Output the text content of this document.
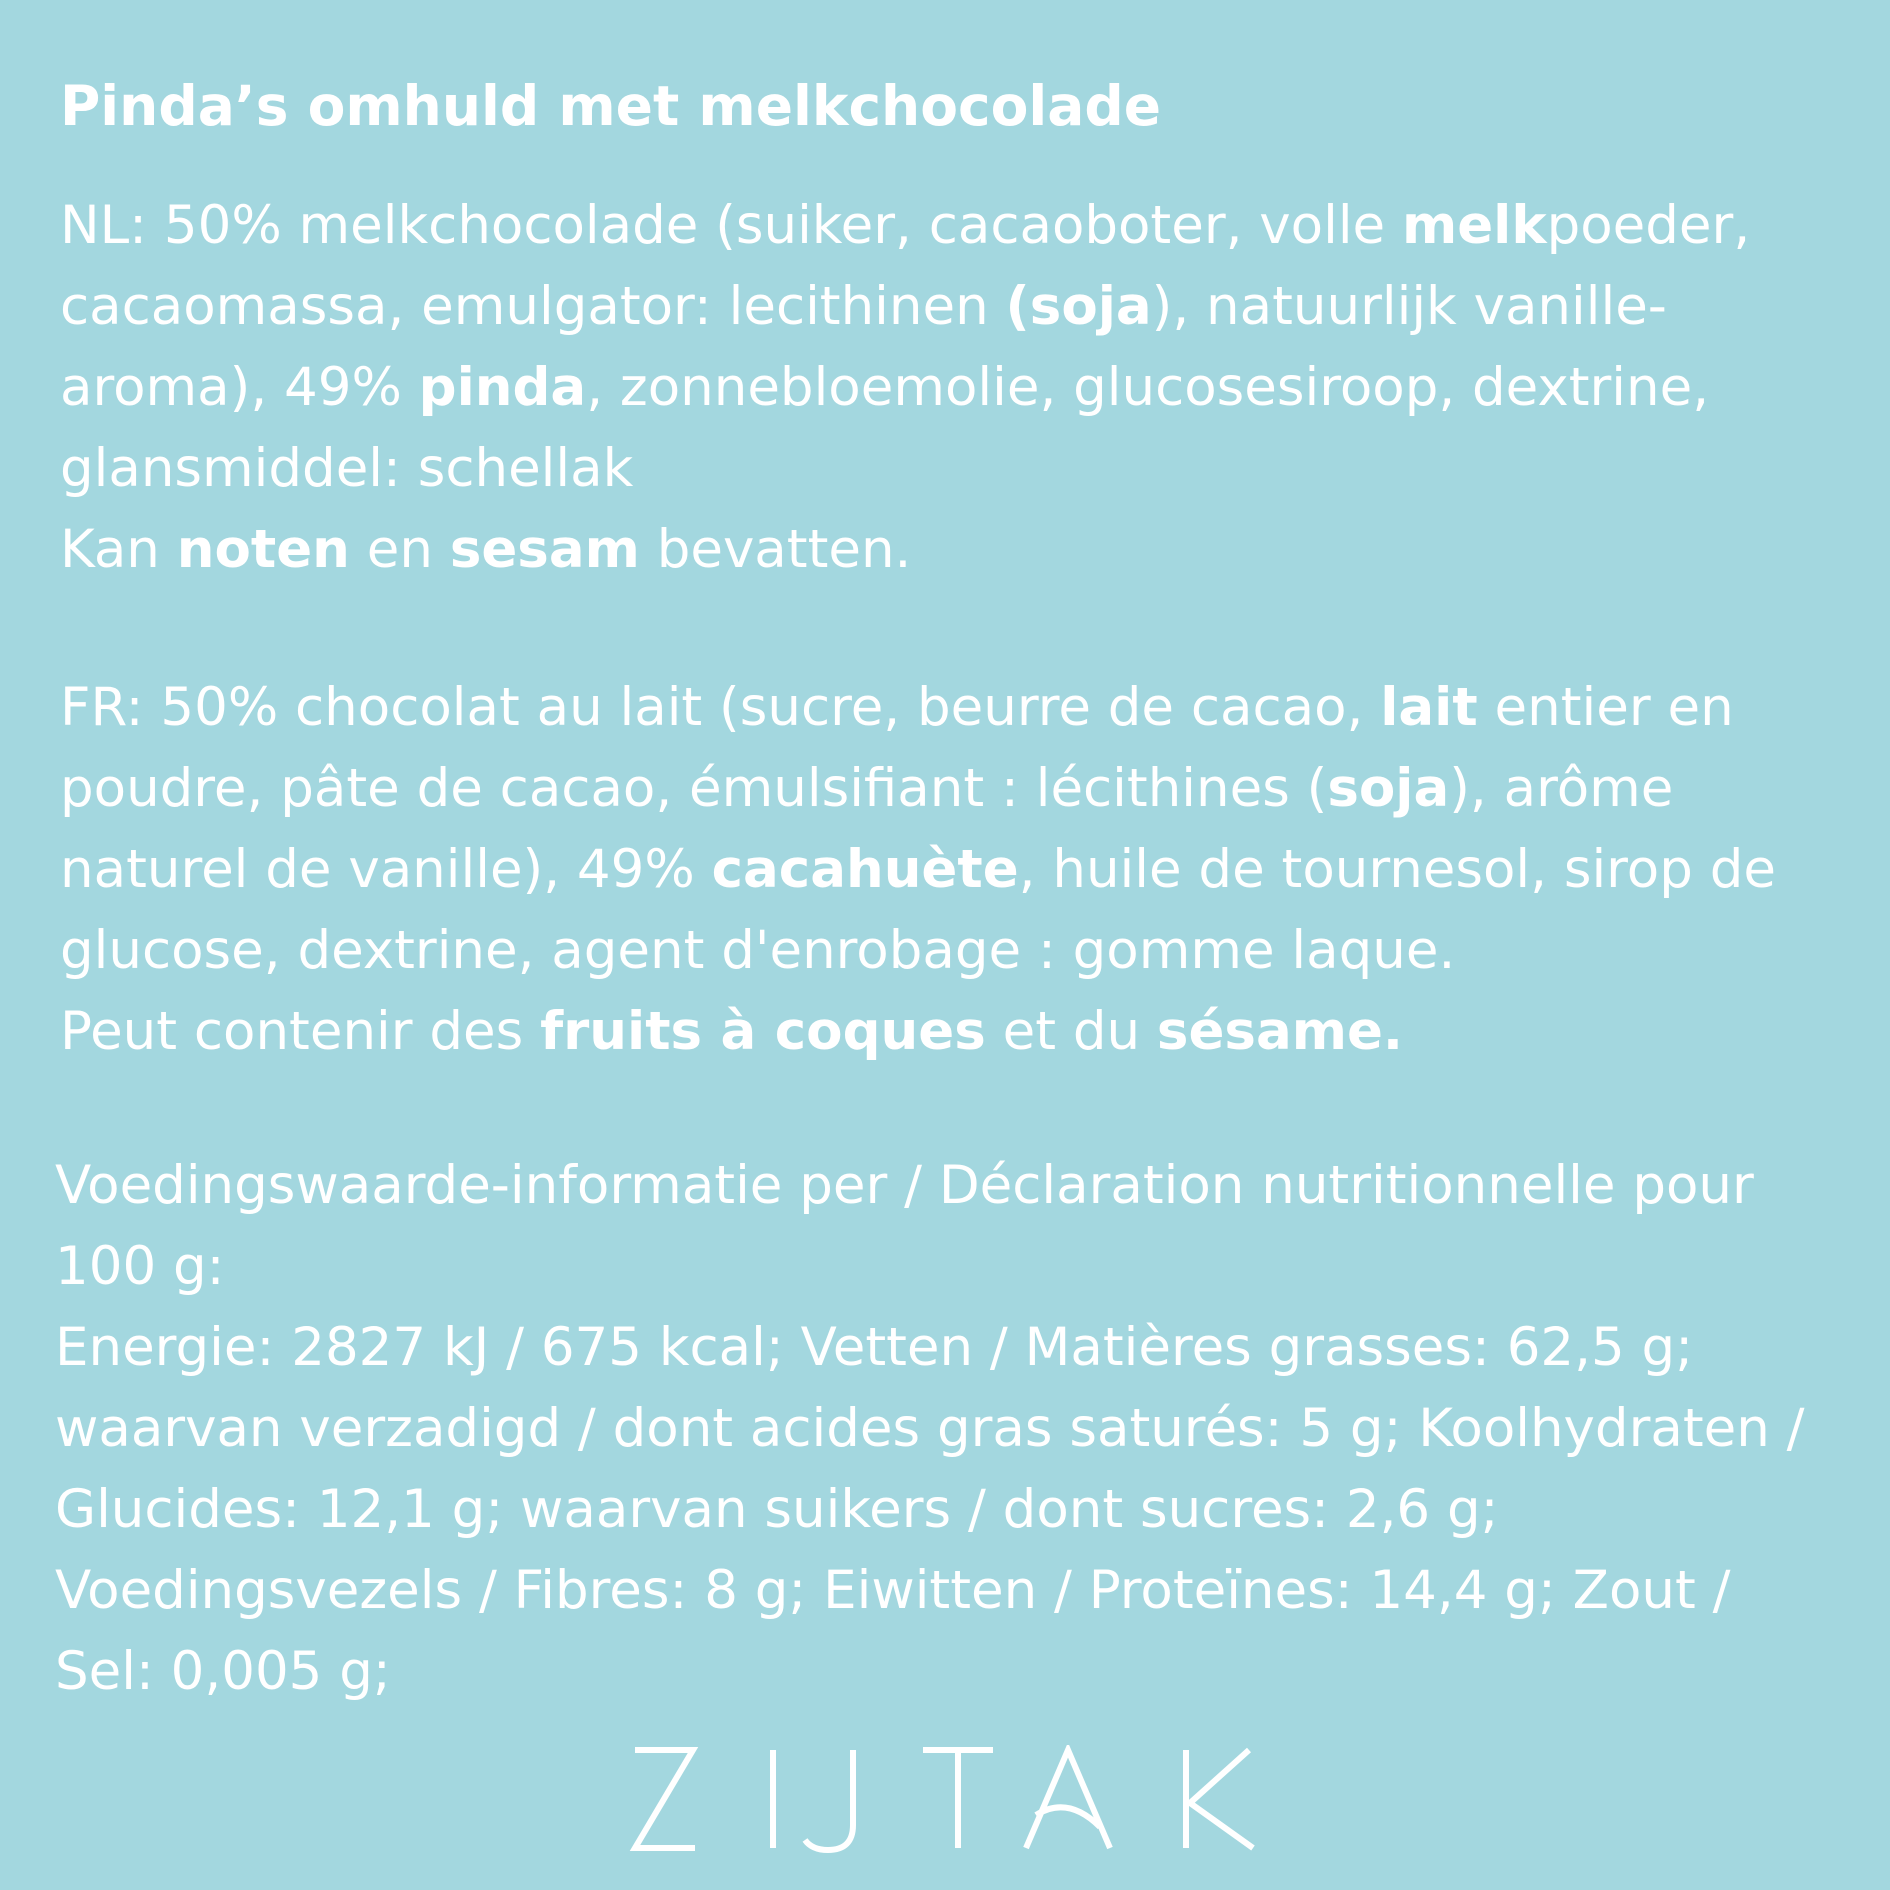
Pinda’s omhuld met melkchocolade
NL: 50% melkchocolade (suiker, cacaoboter, volle melkpoeder,
cacaomassa, emulgator: lecithinen (soja), natuurlijk vanille-
aroma), 49% pinda, zonnebloemolie, glucosesiroop, dextrine,
glansmiddel: schellak
Kan noten en sesam bevatten.
FR: 50% chocolat au lait (sucre, beurre de cacao, lait entier en
poudre, pâte de cacao, émulsifiant : lécithines (soja), arôme
naturel de vanille), 49% cacahuète, huile de tournesol, sirop de
glucose, dextrine, agent d'enrobage : gomme laque.
Peut contenir des fruits à coques et du sésame.
Voedingswaarde-informatie per / Déclaration nutritionnelle pour
100 g:
Energie: 2827 kJ / 675 kcal; Vetten / Matières grasses: 62,5 g;
waarvan verzadigd / dont acides gras saturés: 5 g; Koolhydraten /
Glucides: 12,1 g; waarvan suikers / dont sucres: 2,6 g;
Voedingsvezels / Fibres: 8 g; Eiwitten / Proteïnes: 14,4 g; Zout /
Sel: 0,005 g;
